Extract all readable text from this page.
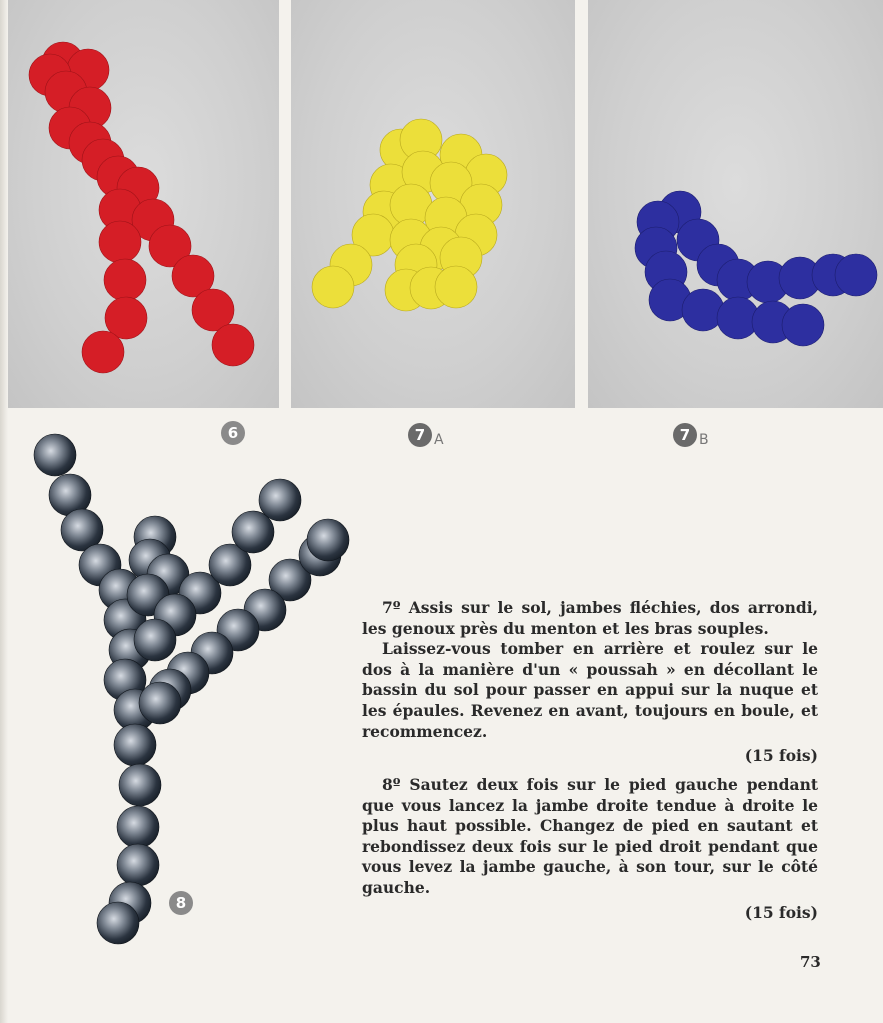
6	7 A	7 B
8

7º Assis sur le sol, jambes fléchies, dos arrondi, les genoux près du menton et les bras souples.

Laissez-vous tomber en arrière et roulez sur le dos à la manière d'un « poussah » en décollant le bassin du sol pour passer en appui sur la nuque et les épaules. Revenez en avant, toujours en boule, et recommencez.

(15 fois)

8º Sautez deux fois sur le pied gauche pendant que vous lancez la jambe droite tendue à droite le plus haut possible. Changez de pied en sautant et rebondissez deux fois sur le pied droit pendant que vous levez la jambe gauche, à son tour, sur le côté gauche.

(15 fois)
73
